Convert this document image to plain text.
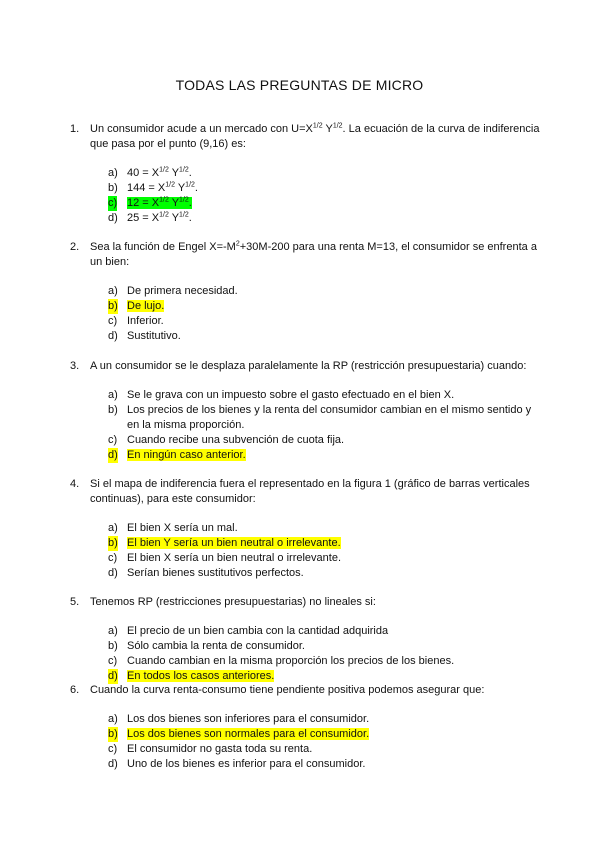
TODAS LAS PREGUNTAS DE MICRO
1. Un consumidor acude a un mercado con $U=X^{1/2}$ $Y^{1/2}$. La ecuación de la curva de indiferencia que pasa por el punto (9,16) es:
a) $40 = X^{1/2}$ $Y^{1/2}$.
b) $144 = X^{1/2}$ $Y^{1/2}$.
c) $12 = X^{1/2}$ $Y^{1/2}$.
d) $25 = X^{1/2}$ $Y^{1/2}$.
2. Sea la función de Engel $X=-M^2+30M-200$ para una renta M=13, el consumidor se enfrenta a un bien:
a) De primera necesidad.
b) De lujo.
c) Inferior.
d) Sustitutivo.
3. A un consumidor se le desplaza paralelamente la RP (restricción presupuestaria) cuando:
a) Se le grava con un impuesto sobre el gasto efectuado en el bien X.
b) Los precios de los bienes y la renta del consumidor cambian en el mismo sentido y en la misma proporción.
c) Cuando recibe una subvención de cuota fija.
d) En ningún caso anterior.
4. Si el mapa de indiferencia fuera el representado en la figura 1 (gráfico de barras verticales continuas), para este consumidor:
a) El bien X sería un mal.
b) El bien Y sería un bien neutral o irrelevante.
c) El bien X sería un bien neutral o irrelevante.
d) Serían bienes sustitutivos perfectos.
5. Tenemos RP (restricciones presupuestarias) no lineales si:
a) El precio de un bien cambia con la cantidad adquirida
b) Sólo cambia la renta de consumidor.
c) Cuando cambian en la misma proporción los precios de los bienes.
d) En todos los casos anteriores.
6. Cuando la curva renta-consumo tiene pendiente positiva podemos asegurar que:
a) Los dos bienes son inferiores para el consumidor.
b) Los dos bienes son normales para el consumidor.
c) El consumidor no gasta toda su renta.
d) Uno de los bienes es inferior para el consumidor.
